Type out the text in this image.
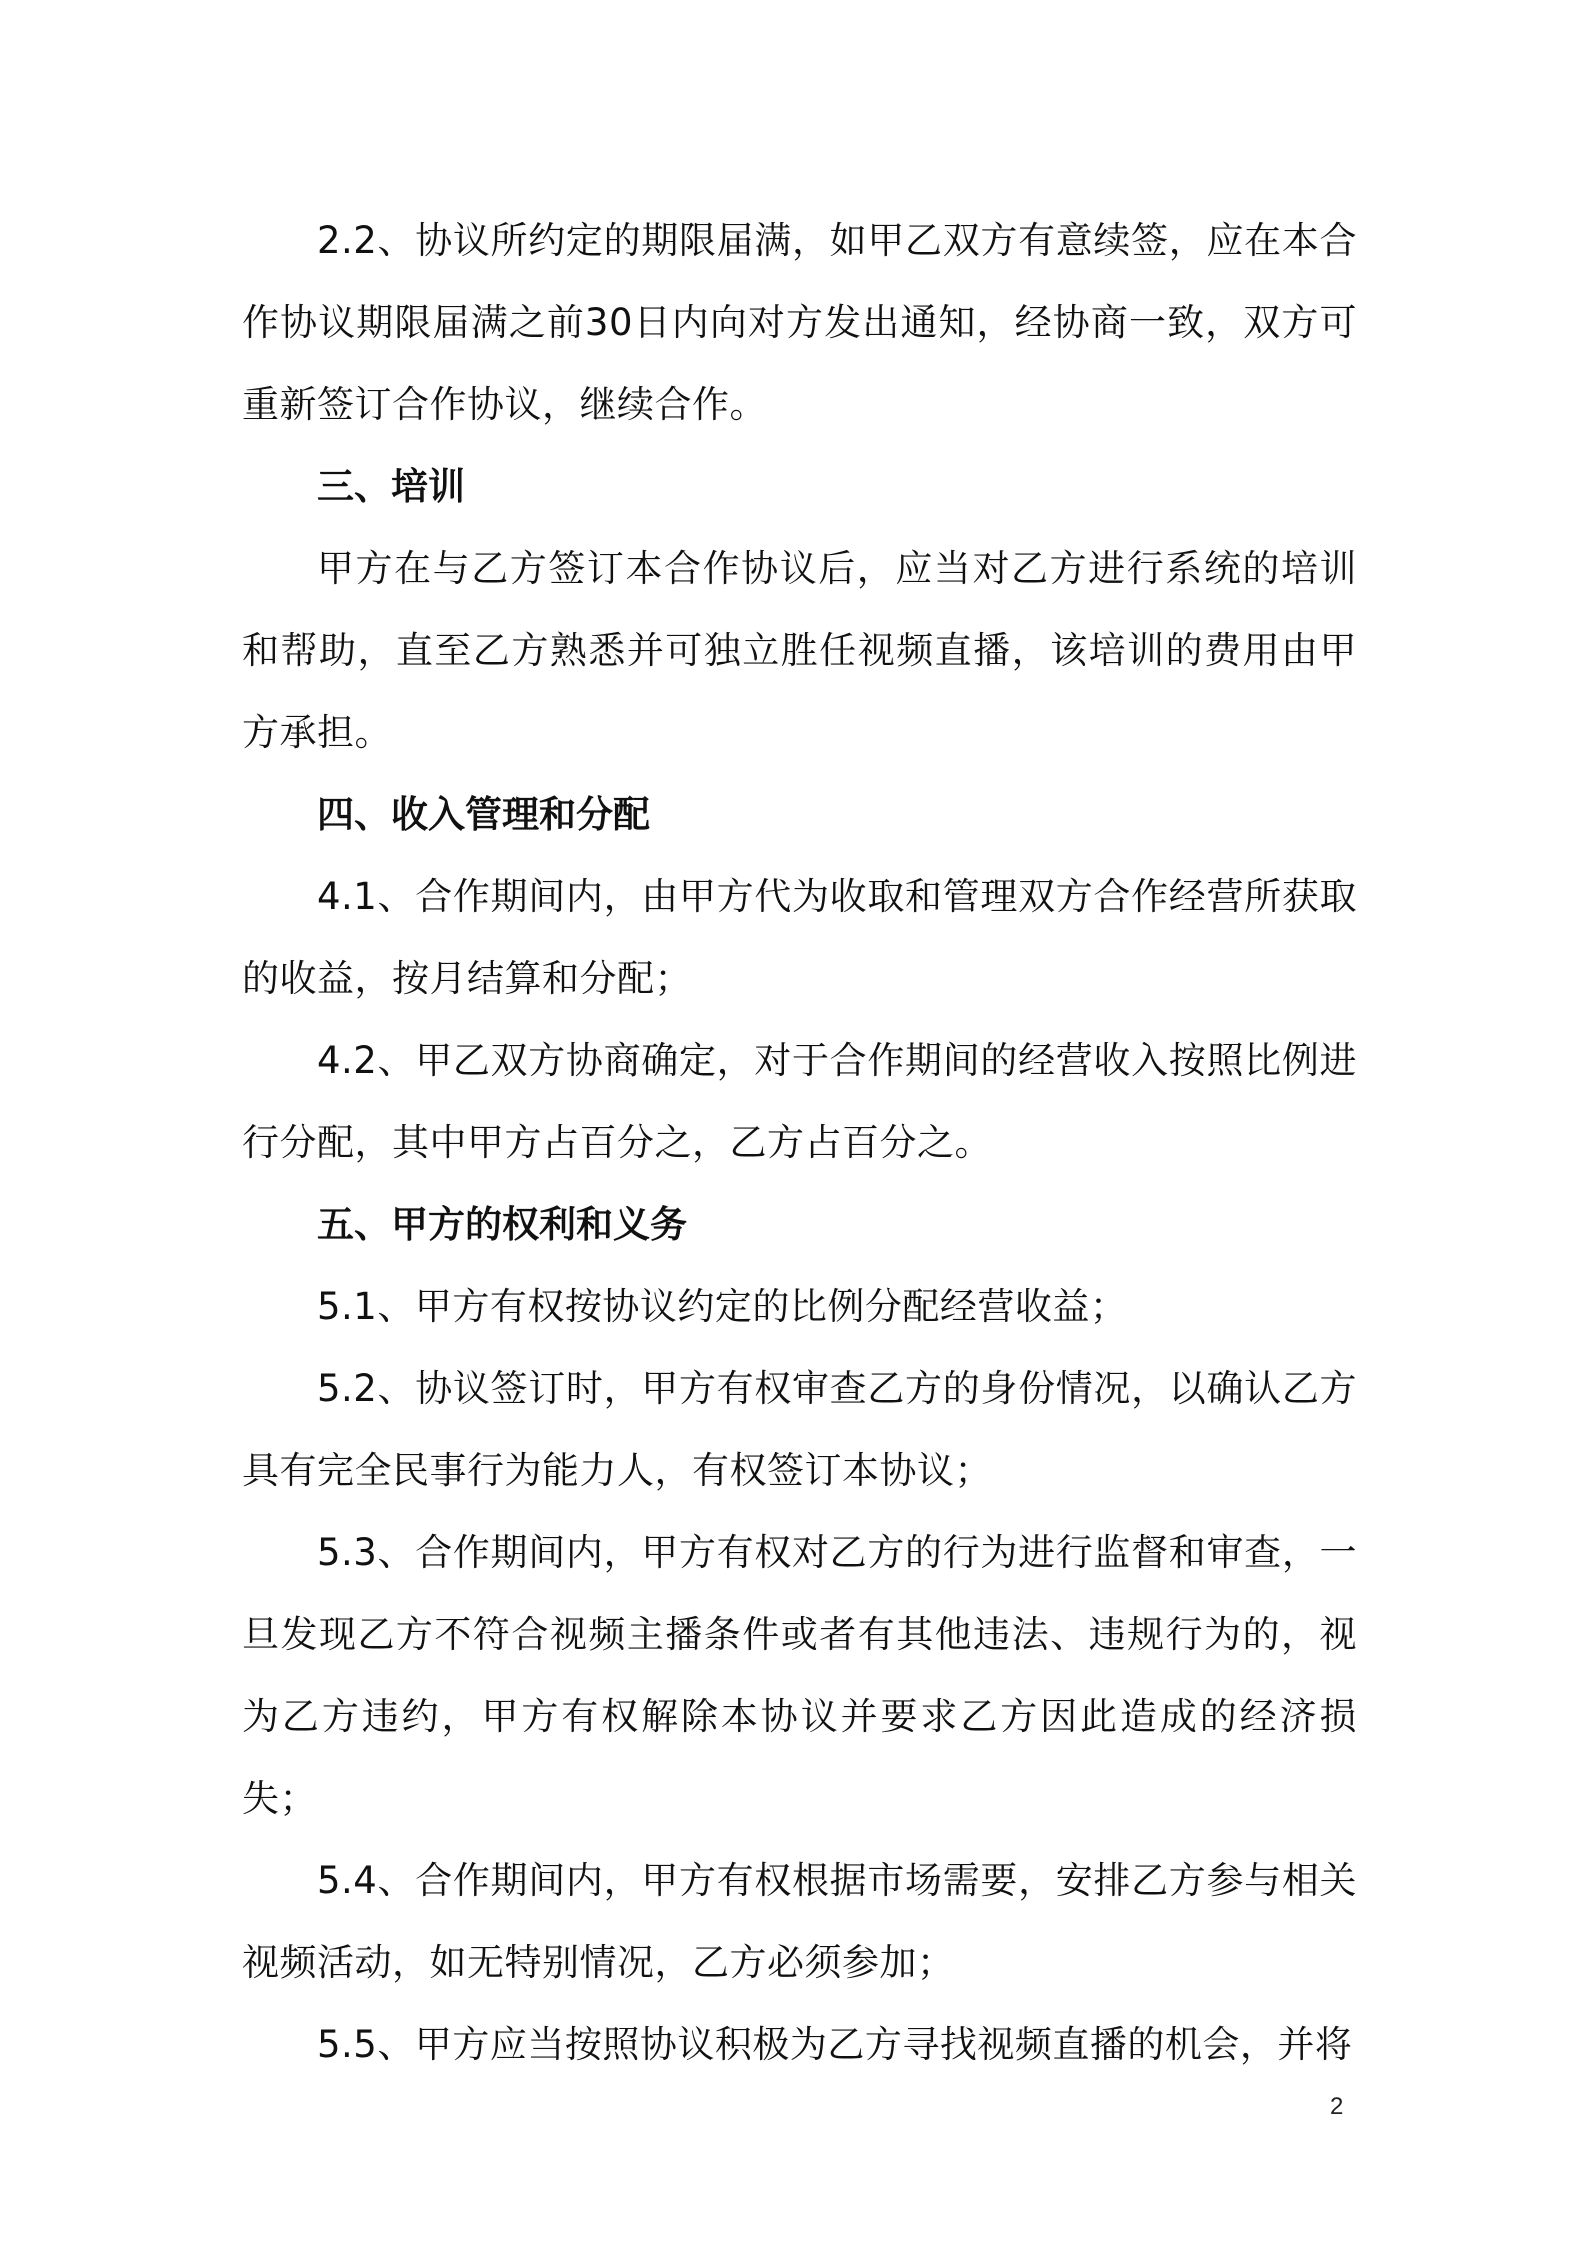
2.2、协议所约定的期限届满，如甲乙双方有意续签，应在本合作协议期限届满之前30日内向对方发出通知，经协商一致，双方可重新签订合作协议，继续合作。

三、培训

甲方在与乙方签订本合作协议后，应当对乙方进行系统的培训和帮助，直至乙方熟悉并可独立胜任视频直播，该培训的费用由甲方承担。

四、收入管理和分配

4.1、合作期间内，由甲方代为收取和管理双方合作经营所获取的收益，按月结算和分配；

4.2、甲乙双方协商确定，对于合作期间的经营收入按照比例进行分配，其中甲方占百分之，乙方占百分之。

五、甲方的权利和义务

5.1、甲方有权按协议约定的比例分配经营收益；

5.2、协议签订时，甲方有权审查乙方的身份情况，以确认乙方具有完全民事行为能力人，有权签订本协议；

5.3、合作期间内，甲方有权对乙方的行为进行监督和审查，一旦发现乙方不符合视频主播条件或者有其他违法、违规行为的，视为乙方违约，甲方有权解除本协议并要求乙方因此造成的经济损失；

5.4、合作期间内，甲方有权根据市场需要，安排乙方参与相关视频活动，如无特别情况，乙方必须参加；

5.5、甲方应当按照协议积极为乙方寻找视频直播的机会，并将

2
